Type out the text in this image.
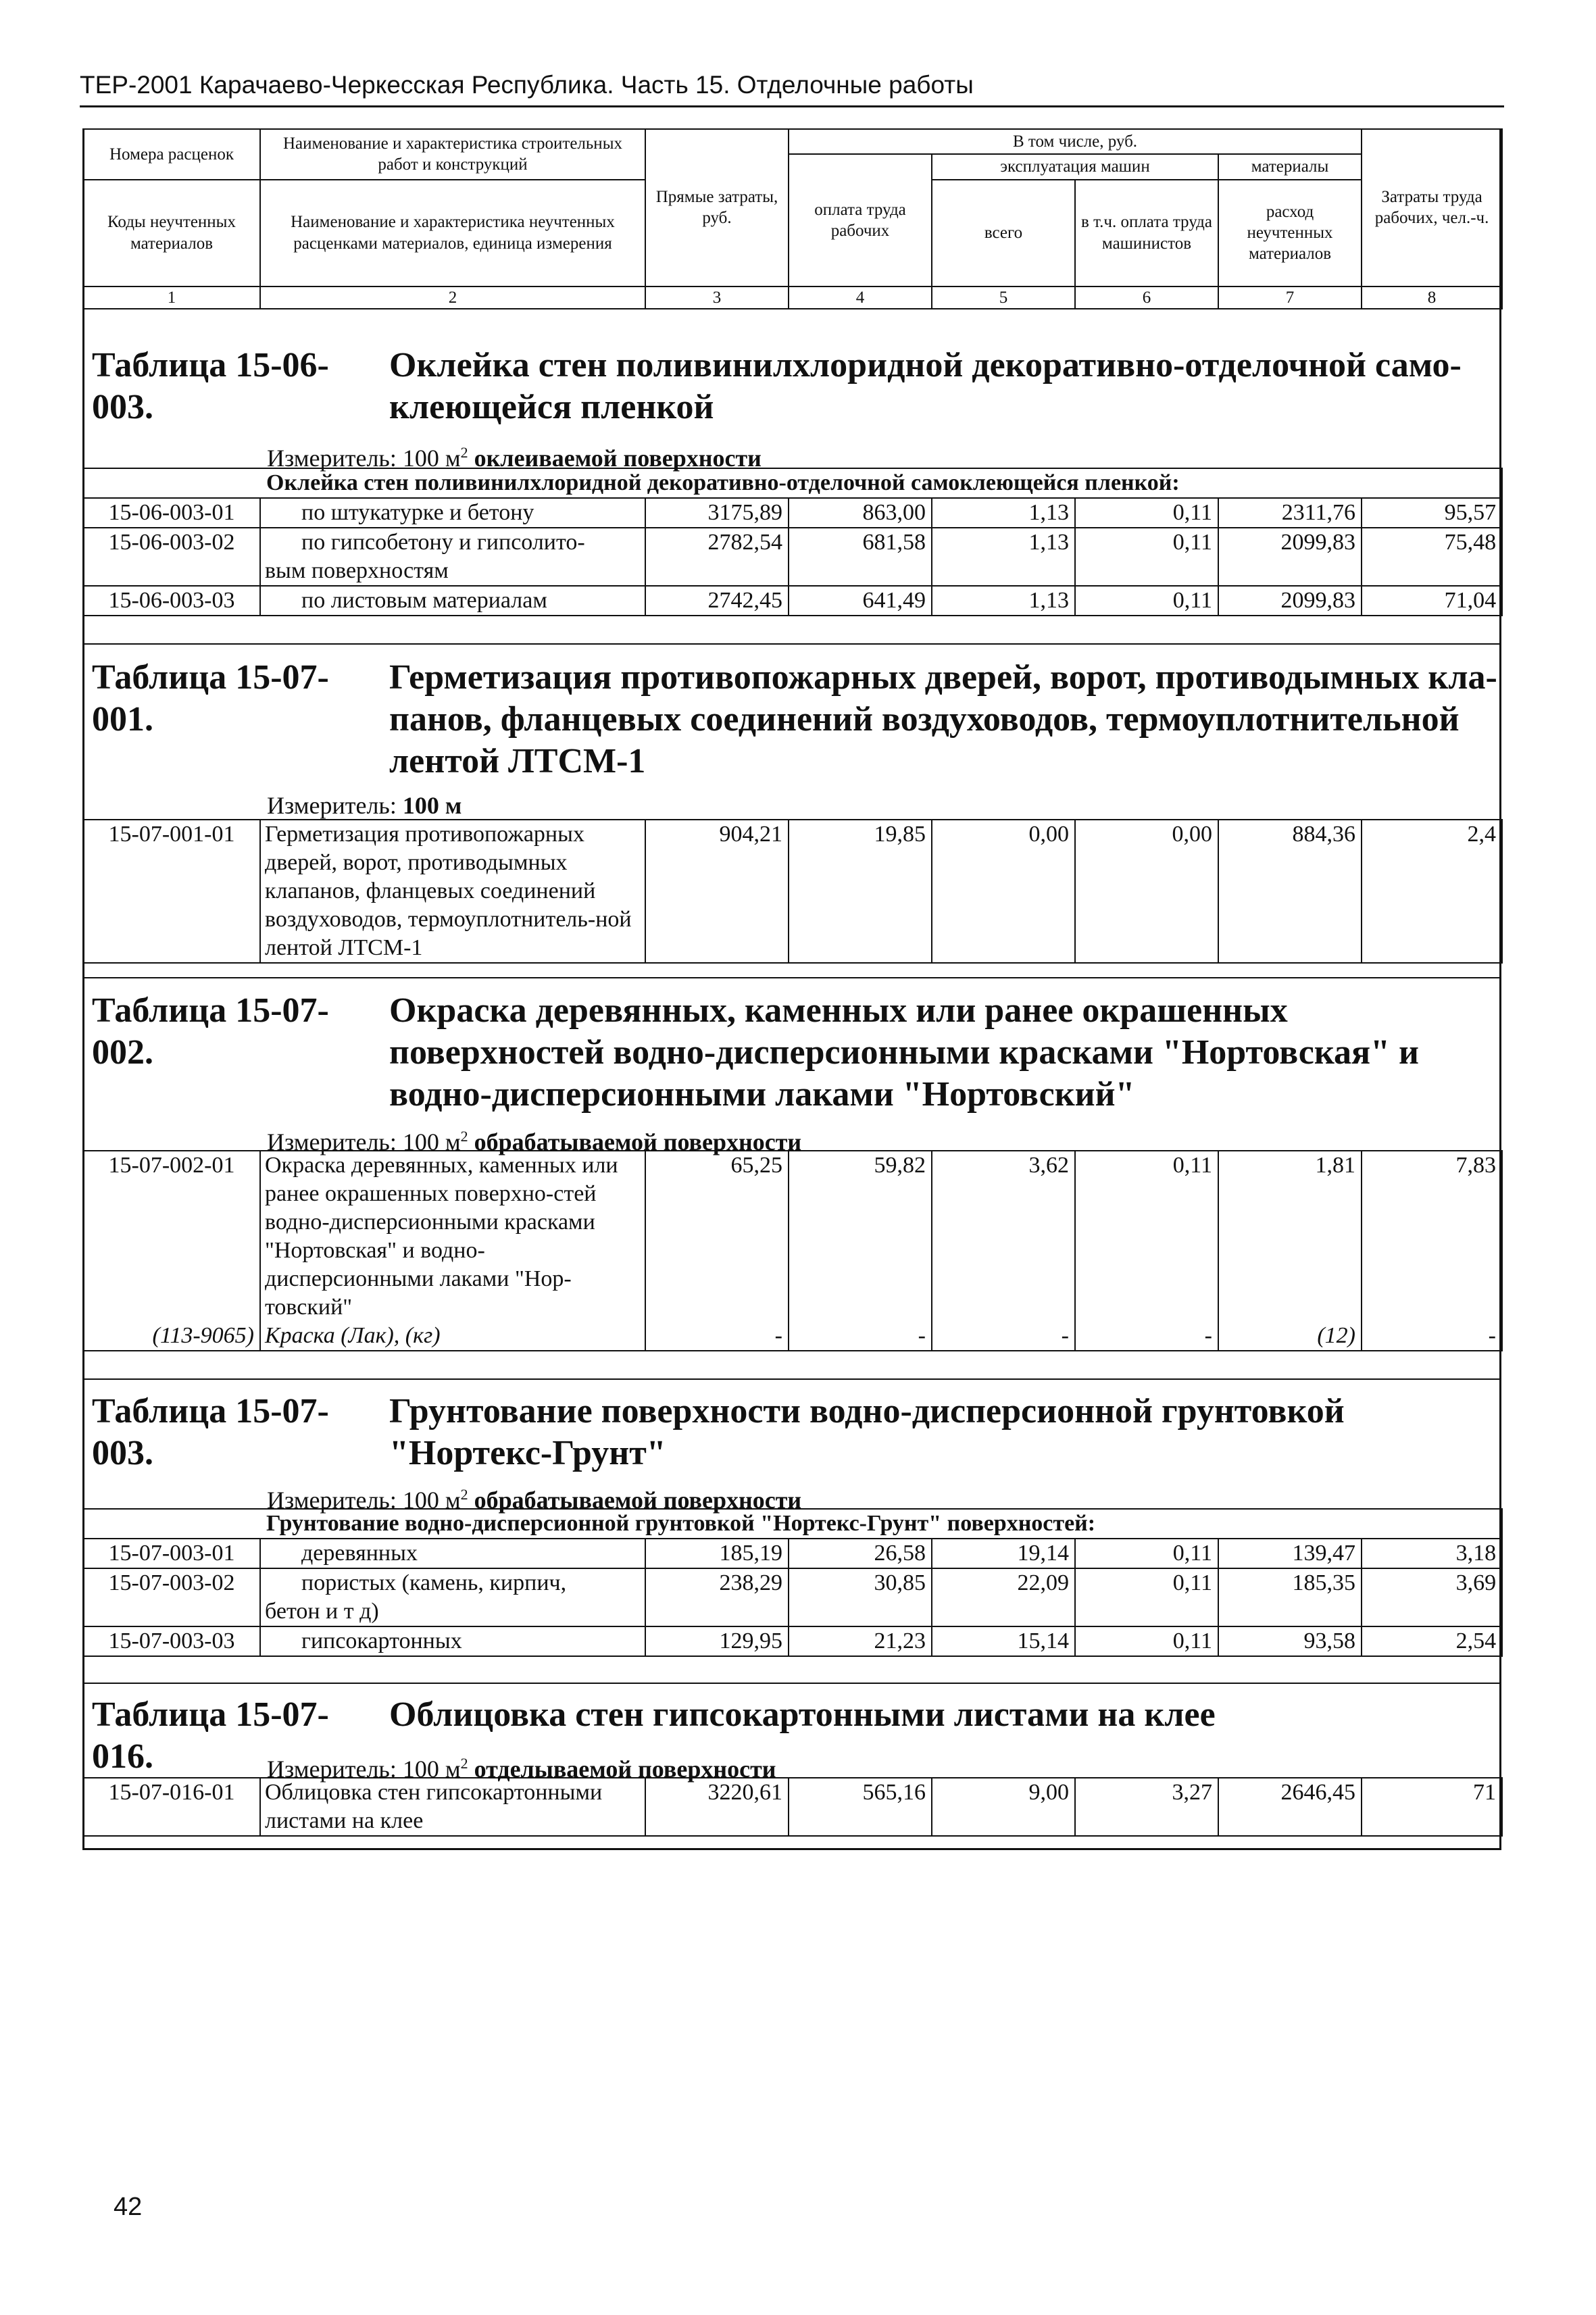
ТЕР-2001 Карачаево-Черкесская Республика. Часть 15. Отделочные работы
Номера расценок	Наименование и характеристика строительных работ и конструкций	Прямые затраты, руб.	В том числе, руб.				Затраты труда рабочих, чел.-ч.
			оплата труда рабочих	эксплуатация машин		материалы	
Коды неучтенных материалов	Наименование и характеристика неучтенных расценками материалов, единица измерения			всего	в т.ч. оплата труда машинистов	расход неучтенных материалов	

1	2	3	4	5	6	7	8
Таблица 15-06-003.
Оклейка стен поливинилхлоридной декоративно-отделочной само-клеющейся пленкой
Измеритель: 100 $м^2$ оклеиваемой поверхности
Оклейка стен поливинилхлоридной декоративно-отделочной самоклеющейся пленкой:							
15-06-003-01	по штукатурке и бетону	3175,89	863,00	1,13	0,11	2311,76	95,57
15-06-003-02	по гипсобетону и гипсолито-
вым поверхностям	2782,54	681,58	1,13	0,11	2099,83	75,48
15-06-003-03	по листовым материалам	2742,45	641,49	1,13	0,11	2099,83	71,04
Таблица 15-07-001.
Герметизация противопожарных дверей, ворот, противодымных кла-панов, фланцевых соединений воздуховодов, термоуплотнительной лентой ЛТСМ-1
Измеритель: 100 м
15-07-001-01	Герметизация противопожарных дверей, ворот, противодымных клапанов, фланцевых соединений воздуховодов, термоуплотнитель-ной лентой ЛТСМ-1	904,21	19,85	0,00	0,00	884,36	2,4
Таблица 15-07-002.
Окраска деревянных, каменных или ранее окрашенных поверхностей водно-дисперсионными красками "Нортовская" и водно-дисперсионными лаками "Нортовский"
Измеритель: 100 $м^2$ обрабатываемой поверхности
15-07-002-01	Окраска деревянных, каменных или ранее окрашенных поверхно-стей водно-дисперсионными красками "Нортовская" и водно-дисперсионными лаками "Нор-товский"	65,25	59,82	3,62	0,11	1,81	7,83
(113-9065)	Краска (Лак), (кг)	-	-	-	-	(12)	-
Таблица 15-07-003.
Грунтование поверхности водно-дисперсионной грунтовкой "Нортекс-Грунт"
Измеритель: 100 $м^2$ обрабатываемой поверхности
Грунтование водно-дисперсионной грунтовкой "Нортекс-Грунт" поверхностей:							
15-07-003-01	деревянных	185,19	26,58	19,14	0,11	139,47	3,18
15-07-003-02	пористых (камень, кирпич,
бетон и т д)	238,29	30,85	22,09	0,11	185,35	3,69
15-07-003-03	гипсокартонных	129,95	21,23	15,14	0,11	93,58	2,54
Таблица 15-07-016.
Облицовка стен гипсокартонными листами на клее
Измеритель: 100 $м^2$ отделываемой поверхности
15-07-016-01	Облицовка стен гипсокартонными листами на клее	3220,61	565,16	9,00	3,27	2646,45	71
42
